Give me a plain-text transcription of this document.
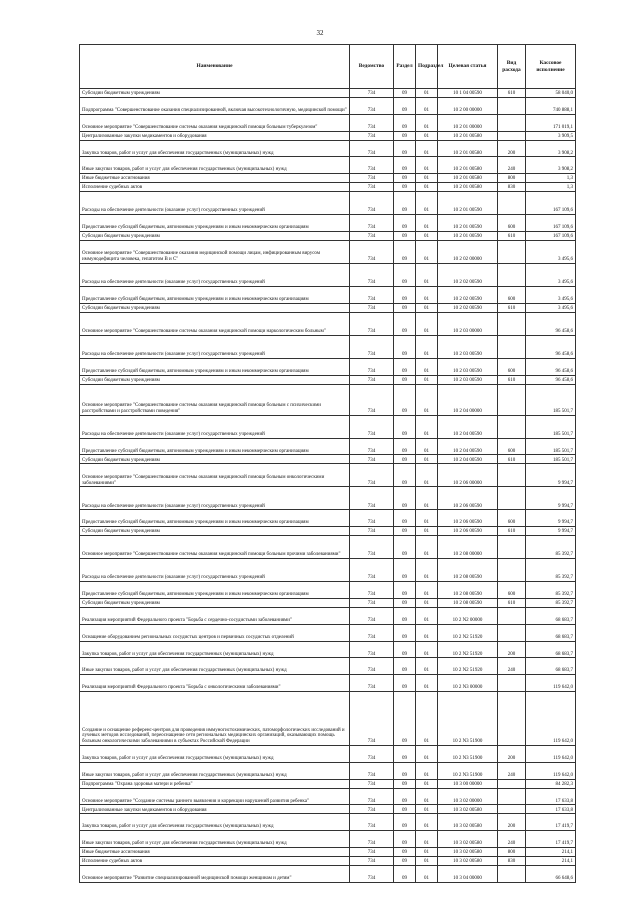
32
Наименование	Ведомство	Раздел	Подраздел	Целевая статья	Вид расхода	Кассовое исполнение
Субсидии бюджетным учреждениям	734	09	01	10 1 04 00590	610	58 040,0
Подпрограмма "Совершенствование оказания специализированной, включая высокотехнологичную, медицинской помощи"	734	09	01	10 2 00 00000		740 888,1
Основное мероприятие "Совершенствование системы оказания медицинской помощи больным туберкулезом"	734	09	01	10 2 01 00000		171 019,1
Централизованные закупки медикаментов и оборудования	734	09	01	10 2 01 00580		3 909,5
Закупка товаров, работ и услуг для обеспечения государственных (муниципальных) нужд	734	09	01	10 2 01 00580	200	3 908,2
Иные закупки товаров, работ и услуг для обеспечения государственных (муниципальных) нужд	734	09	01	10 2 01 00580	240	3 908,2
Иные бюджетные ассигнования	734	09	01	10 2 01 00580	800	1,3
Исполнение судебных актов	734	09	01	10 2 01 00580	830	1,3
Расходы на обеспечение деятельности (оказание услуг) государственных учреждений	734	09	01	10 2 01 00590		167 109,6
Предоставление субсидий бюджетным, автономным учреждениям и иным некоммерческим организациям	734	09	01	10 2 01 00590	600	167 109,6
Субсидии бюджетным учреждениям	734	09	01	10 2 01 00590	610	167 109,6
Основное мероприятие "Совершенствование оказания медицинской помощи лицам, инфицированным вирусом иммунодефицита человека, гепатитом В и С"	734	09	01	10 2 02 00000		3 495,6
Расходы на обеспечение деятельности (оказание услуг) государственных учреждений	734	09	01	10 2 02 00590		3 495,6
Предоставление субсидий бюджетным, автономным учреждениям и иным некоммерческим организациям	734	09	01	10 2 02 00590	600	3 495,6
Субсидии бюджетным учреждениям	734	09	01	10 2 02 00590	610	3 495,6
Основное мероприятие "Совершенствование системы оказания медицинской помощи наркологическим больным"	734	09	01	10 2 03 00000		96 458,6
Расходы на обеспечение деятельности (оказание услуг) государственных учреждений	734	09	01	10 2 03 00590		96 458,6
Предоставление субсидий бюджетным, автономным учреждениям и иным некоммерческим организациям	734	09	01	10 2 03 00590	600	96 458,6
Субсидии бюджетным учреждениям	734	09	01	10 2 03 00590	610	96 458,6
Основное мероприятие "Совершенствование системы оказания медицинской помощи больным с психическими расстройствами и расстройствами поведения"	734	09	01	10 2 04 00000		185 501,7
Расходы на обеспечение деятельности (оказание услуг) государственных учреждений	734	09	01	10 2 04 00590		185 501,7
Предоставление субсидий бюджетным, автономным учреждениям и иным некоммерческим организациям	734	09	01	10 2 04 00590	600	185 501,7
Субсидии бюджетным учреждениям	734	09	01	10 2 04 00590	610	185 501,7
Основное мероприятие "Совершенствование системы оказания медицинской помощи больным онкологическими заболеваниями"	734	09	01	10 2 06 00000		9 994,7
Расходы на обеспечение деятельности (оказание услуг) государственных учреждений	734	09	01	10 2 06 00590		9 994,7
Предоставление субсидий бюджетным, автономным учреждениям и иным некоммерческим организациям	734	09	01	10 2 06 00590	600	9 994,7
Субсидии бюджетным учреждениям	734	09	01	10 2 06 00590	610	9 994,7
Основное мероприятие "Совершенствование системы оказания медицинской помощи больным прочими заболеваниями"	734	09	01	10 2 08 00000		85 392,7
Расходы на обеспечение деятельности (оказание услуг) государственных учреждений	734	09	01	10 2 08 00590		85 392,7
Предоставление субсидий бюджетным, автономным учреждениям и иным некоммерческим организациям	734	09	01	10 2 08 00590	600	85 392,7
Субсидии бюджетным учреждениям	734	09	01	10 2 08 00590	610	85 392,7
Реализация мероприятий Федерального проекта "Борьба с сердечно-сосудистыми заболеваниями"	734	09	01	10 2 N2 00000		68 683,7
Оснащение оборудованием региональных сосудистых центров и первичных сосудистых отделений	734	09	01	10 2 N2 51920		68 683,7
Закупка товаров, работ и услуг для обеспечения государственных (муниципальных) нужд	734	09	01	10 2 N2 51920	200	68 683,7
Иные закупки товаров, работ и услуг для обеспечения государственных (муниципальных) нужд	734	09	01	10 2 N2 51920	240	68 683,7
Реализация мероприятий Федерального проекта "Борьба с онкологическими заболеваниями"	734	09	01	10 2 N3 00000		119 642,0
Создание и оснащение референс-центров для проведения иммуногистохимических, патоморфологических исследований и лучевых методов исследований, переоснащение сети региональных медицинских организаций, оказывающих помощь больным онкологическими заболеваниями в субъектах Российской Федерации	734	09	01	10 2 N3 51900		119 642,0
Закупка товаров, работ и услуг для обеспечения государственных (муниципальных) нужд	734	09	01	10 2 N3 51900	200	119 642,0
Иные закупки товаров, работ и услуг для обеспечения государственных (муниципальных) нужд	734	09	01	10 2 N3 51900	240	119 642,0
Подпрограмма "Охрана здоровья матери и ребенка"	734	09	01	10 3 00 00000		84 282,3
Основное мероприятие "Создание системы раннего выявления и коррекции нарушений развития ребенка"	734	09	01	10 3 02 00000		17 633,8
Централизованные закупки медикаментов и оборудования	734	09	01	10 3 02 00580		17 633,8
Закупка товаров, работ и услуг для обеспечения государственных (муниципальных) нужд	734	09	01	10 3 02 00580	200	17 419,7
Иные закупки товаров, работ и услуг для обеспечения государственных (муниципальных) нужд	734	09	01	10 3 02 00580	240	17 419,7
Иные бюджетные ассигнования	734	09	01	10 3 02 00580	800	214,1
Исполнение судебных актов	734	09	01	10 3 02 00580	830	214,1
Основное мероприятие "Развитие специализированной медицинской помощи женщинам и детям"	734	09	01	10 3 04 00000		66 648,6
